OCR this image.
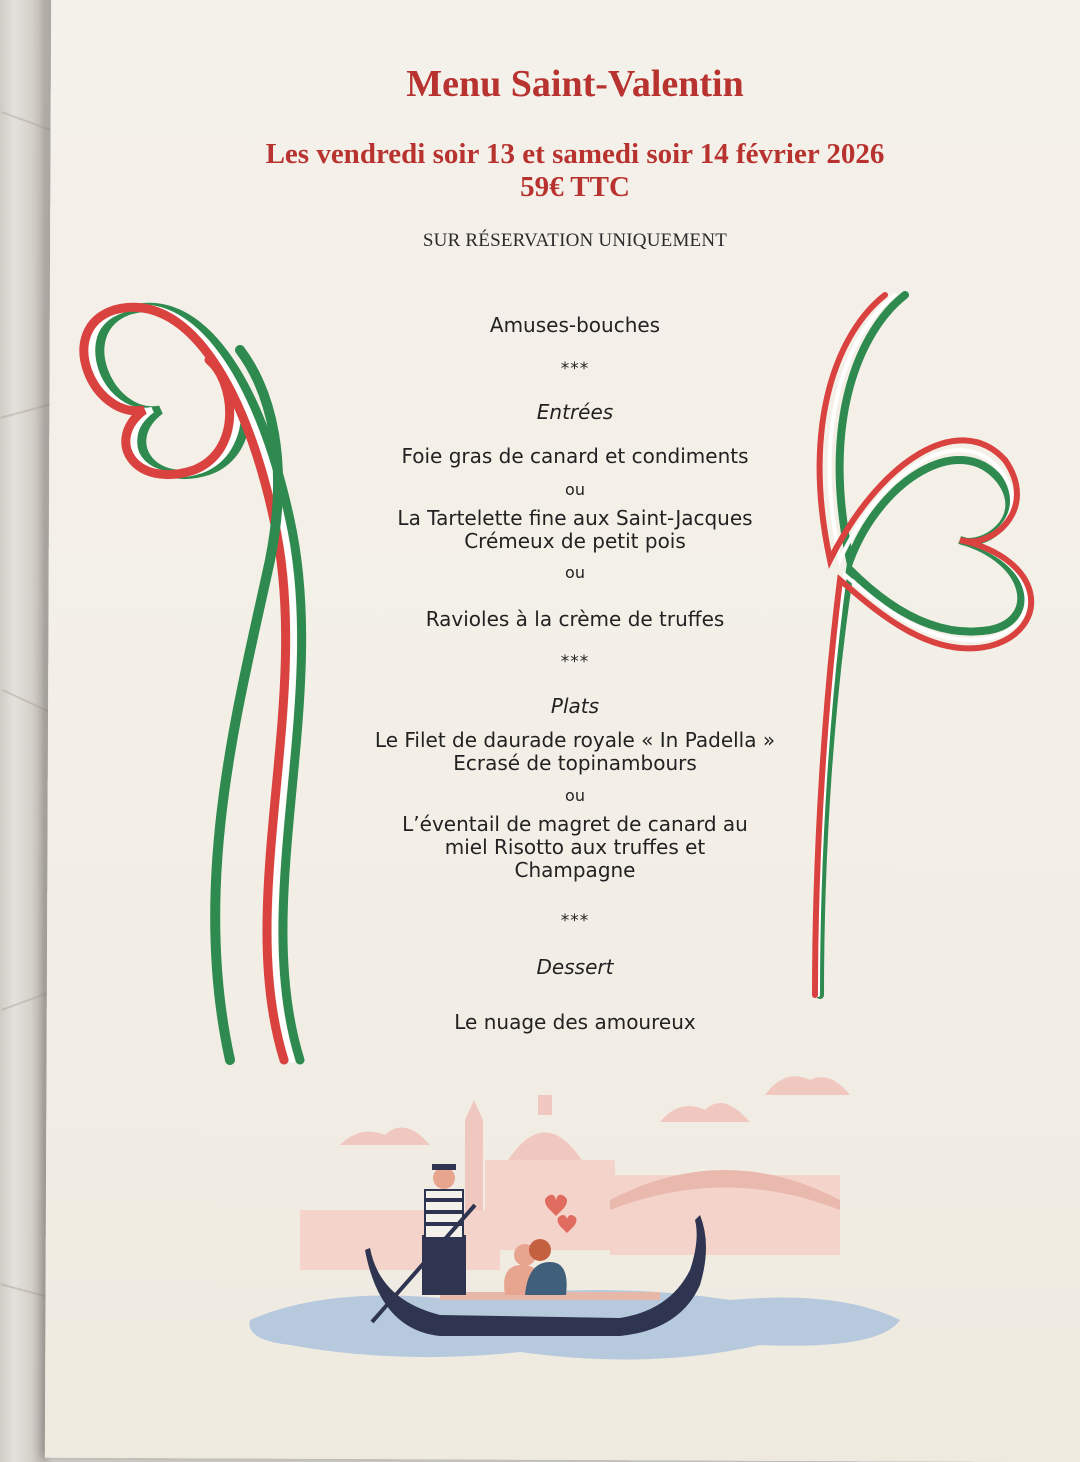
Menu Saint-Valentin
Les vendredi soir 13 et samedi soir 14 février 2026
59€ TTC
SUR RÉSERVATION UNIQUEMENT
Amuses-bouches
***
Entrées
Foie gras de canard et condiments
ou
La Tartelette fine aux Saint-Jacques
Crémeux de petit pois
ou
Ravioles à la crème de truffes
***
Plats
Le Filet de daurade royale « In Padella »
Ecrasé de topinambours
ou
L’éventail de magret de canard au
miel Risotto aux truffes et
Champagne
***
Dessert
Le nuage des amoureux
